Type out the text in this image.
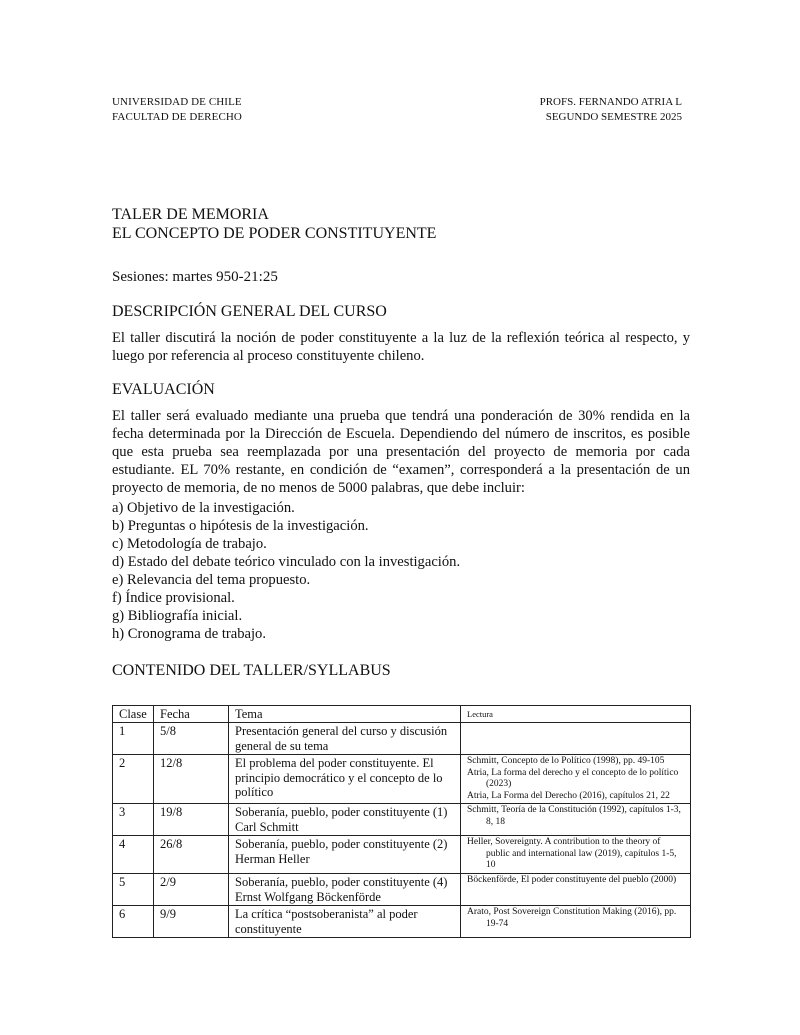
UNIVERSIDAD DE CHILE
FACULTAD DE DERECHO
PROFS. FERNANDO ATRIA L
SEGUNDO SEMESTRE 2025
TALER DE MEMORIA
EL CONCEPTO DE PODER CONSTITUYENTE
Sesiones: martes 950-21:25
DESCRIPCIÓN GENERAL DEL CURSO
El taller discutirá la noción de poder constituyente a la luz de la reflexión teórica al respecto, y luego por referencia al proceso constituyente chileno.
EVALUACIÓN
El taller será evaluado mediante una prueba que tendrá una ponderación de 30% rendida en la fecha determinada por la Dirección de Escuela. Dependiendo del número de inscritos, es posible que esta prueba sea reemplazada por una presentación del proyecto de memoria por cada estudiante. EL 70% restante, en condición de “examen”, corresponderá a la presentación de un proyecto de memoria, de no menos de 5000 palabras, que debe incluir:
a) Objetivo de la investigación.
b) Preguntas o hipótesis de la investigación.
c) Metodología de trabajo.
d) Estado del debate teórico vinculado con la investigación.
e) Relevancia del tema propuesto.
f) Índice provisional.
g) Bibliografía inicial.
h) Cronograma de trabajo.
CONTENIDO DEL TALLER/SYLLABUS
Clase	Fecha	Tema	Lectura
1	5/8	Presentación general del curso y discusión general de su tema	
2	12/8	El problema del poder constituyente. El principio democrático y el concepto de lo político	Schmitt, Concepto de lo Político (1998), pp. 49-105
Atria, La forma del derecho y el concepto de lo político (2023)
Atria, La Forma del Derecho (2016), capítulos 21, 22

3	19/8	Soberanía, pueblo, poder constituyente (1) Carl Schmitt	Schmitt, Teoría de la Constitución (1992), capítulos 1-3, 8, 18

4	26/8	Soberanía, pueblo, poder constituyente (2) Herman Heller	Heller, Sovereignty. A contribution to the theory of public and international law (2019), capítulos 1-5, 10

5	2/9	Soberanía, pueblo, poder constituyente (4) Ernst Wolfgang Böckenförde	Böckenförde, El poder constituyente del pueblo (2000)

6	9/9	La crítica “postsoberanista” al poder constituyente	Arato, Post Sovereign Constitution Making (2016), pp. 19-74
